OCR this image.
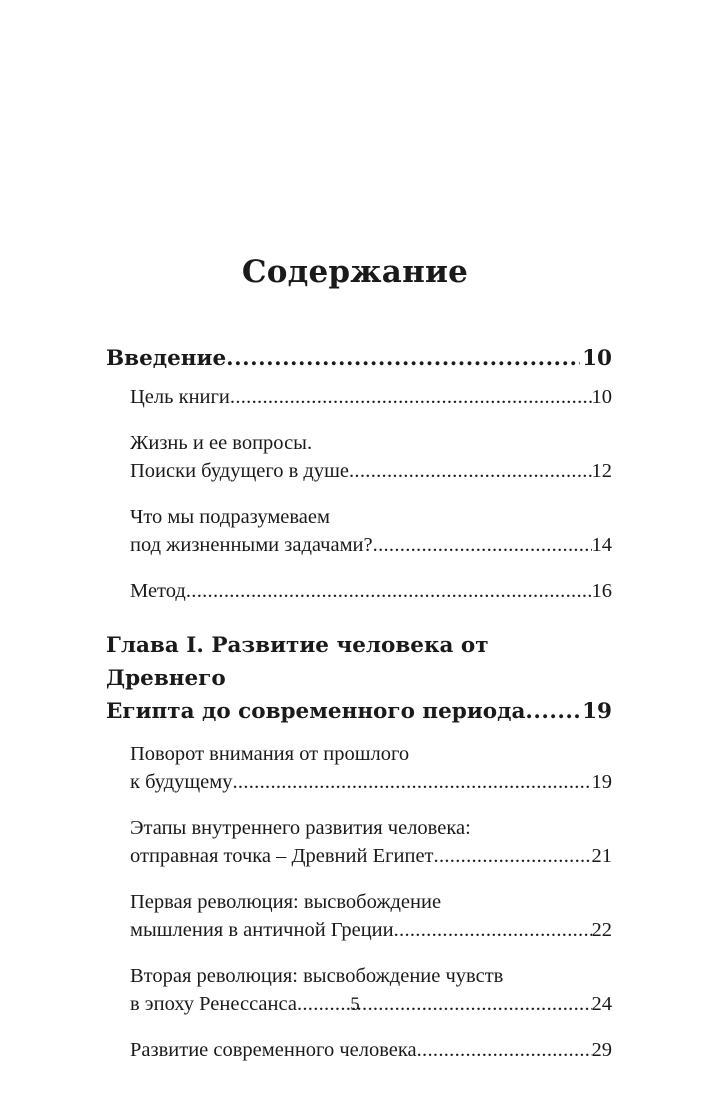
Содержание
Введение .....	10
Цель книги .....	10
Жизнь и ее вопросы.
Поиски будущего в душе .....	12
Что мы подразумеваем
под жизненными задачами? .....	14
Метод .....	16
Глава I. Развитие человека от Древнего
Египта до современного периода .....	19
Поворот внимания от прошлого
к будущему .....	19
Этапы внутреннего развития человека:
отправная точка – Древний Египет .....	21
Первая революция: высвобождение
мышления в античной Греции .....	22
Вторая революция: высвобождение чувств
в эпоху Ренессанса .....	24
Развитие современного человека .....	29
5
